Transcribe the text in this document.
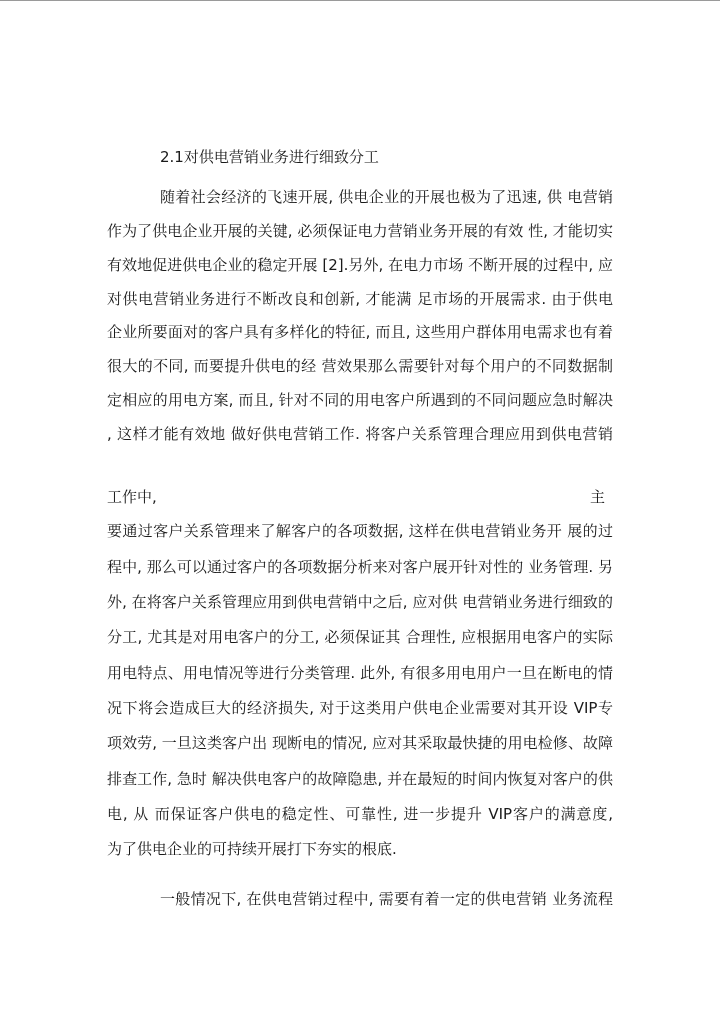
2.1对供电营销业务进行细致分工
随着社会经济的飞速开展, 供电企业的开展也极为了迅速, 供 电营销
作为了供电企业开展的关键, 必须保证电力营销业务开展的有效 性, 才能切实
有效地促进供电企业的稳定开展 [2].另外, 在电力市场 不断开展的过程中, 应
对供电营销业务进行不断改良和创新, 才能满 足市场的开展需求. 由于供电
企业所要面对的客户具有多样化的特征, 而且, 这些用户群体用电需求也有着
很大的不同, 而要提升供电的经 营效果那么需要针对每个用户的不同数据制
定相应的用电方案, 而且, 针对不同的用电客户所遇到的不同问题应急时解决
, 这样才能有效地 做好供电营销工作. 将客户关系管理合理应用到供电营销
工作中,	主
要通过客户关系管理来了解客户的各项数据, 这样在供电营销业务开 展的过
程中, 那么可以通过客户的各项数据分析来对客户展开针对性的 业务管理. 另
外, 在将客户关系管理应用到供电营销中之后, 应对供 电营销业务进行细致的
分工, 尤其是对用电客户的分工, 必须保证其 合理性, 应根据用电客户的实际
用电特点、用电情况等进行分类管理. 此外, 有很多用电用户一旦在断电的情
况下将会造成巨大的经济损失, 对于这类用户供电企业需要对其开设 VIP专
项效劳, 一旦这类客户出 现断电的情况, 应对其采取最快捷的用电检修、故障
排查工作, 急时 解决供电客户的故障隐患, 并在最短的时间内恢复对客户的供
电, 从 而保证客户供电的稳定性、可靠性, 进一步提升 VIP客户的满意度,
为了供电企业的可持续开展打下夯实的根底.
一般情况下, 在供电营销过程中, 需要有着一定的供电营销 业务流程
